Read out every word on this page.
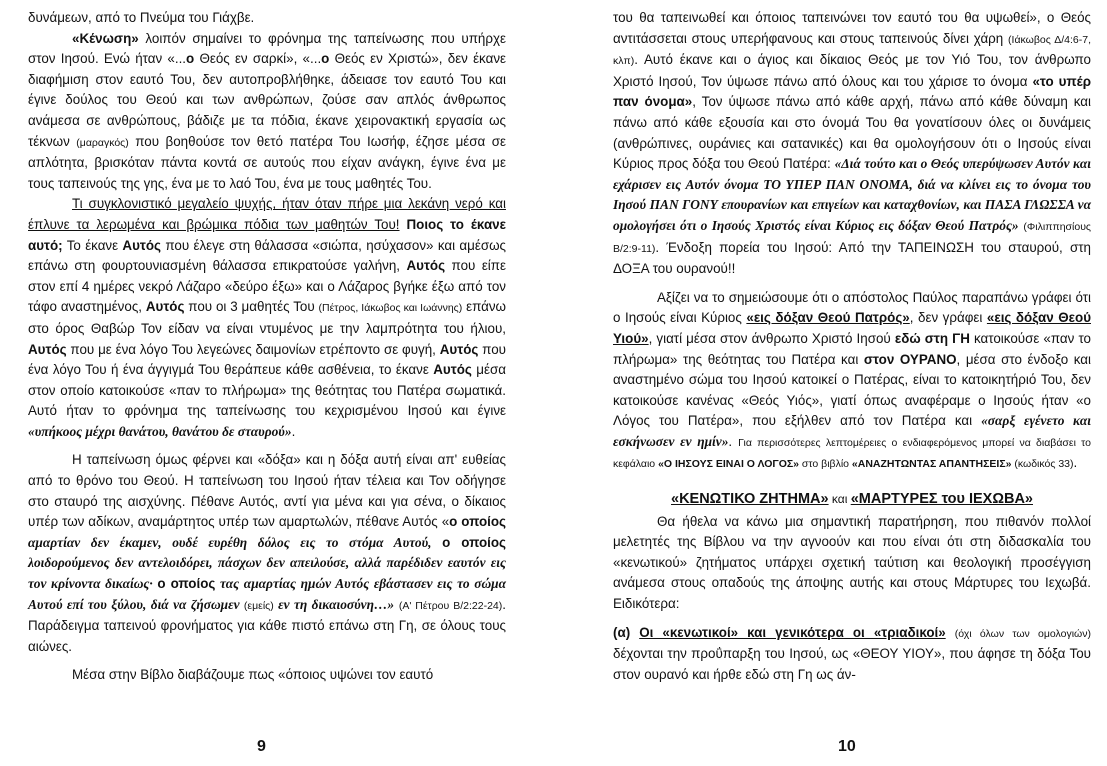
δυνάμεων, από το Πνεύμα του Γιάχβε.

«Κένωση» λοιπόν σημαίνει το φρόνημα της ταπείνωσης που υπήρχε στον Ιησού. Ενώ ήταν «...ο Θεός εν σαρκί», «...ο Θεός εν Χριστώ», δεν έκανε διαφήμιση στον εαυτό Του, δεν αυτοπροβλήθηκε, άδειασε τον εαυτό Του και έγινε δούλος του Θεού και των ανθρώπων, ζούσε σαν απλός άνθρωπος ανάμεσα σε ανθρώπους, βάδιζε με τα πόδια, έκανε χειρονακτική εργασία ως τέκνων (μαραγκός) που βοηθούσε τον θετό πατέρα Του Ιωσήφ, έζησε μέσα σε απλότητα, βρισκόταν πάντα κοντά σε αυτούς που είχαν ανάγκη, έγινε ένα με τους ταπεινούς της γης, ένα με το λαό Του, ένα με τους μαθητές Του.

Τι συγκλονιστικό μεγαλείο ψυχής, ήταν όταν πήρε μια λεκάνη νερό και έπλυνε τα λερωμένα και βρώμικα πόδια των μαθητών Του! Ποιος το έκανε αυτό; Το έκανε Αυτός που έλεγε στη θάλασσα «σιώπα, ησύχασον» και αμέσως επάνω στη φουρτουνιασμένη θάλασσα επικρατούσε γαλήνη, Αυτός που είπε στον επί 4 ημέρες νεκρό Λάζαρο «δεύρο έξω» και ο Λάζαρος βγήκε έξω από τον τάφο αναστημένος, Αυτός που οι 3 μαθητές Του (Πέτρος, Ιάκωβος και Ιωάννης) επάνω στο όρος Θαβώρ Τον είδαν να είναι ντυμένος με την λαμπρότητα του ήλιου, Αυτός που με ένα λόγο Του λεγεώνες δαιμονίων ετρέποντο σε φυγή, Αυτός που ένα λόγο Του ή ένα άγγιγμά Του θεράπευε κάθε ασθένεια, το έκανε Αυτός μέσα στον οποίο κατοικούσε «παν το πλήρωμα» της θεότητας του Πατέρα σωματικά. Αυτό ήταν το φρόνημα της ταπείνωσης του κεχρισμένου Ιησού και έγινε «υπήκοος μέχρι θανάτου, θανάτου δε σταυρού».

Η ταπείνωση όμως φέρνει και «δόξα» και η δόξα αυτή είναι απ' ευθείας από το θρόνο του Θεού. Η ταπείνωση του Ιησού ήταν τέλεια και Τον οδήγησε στο σταυρό της αισχύνης. Πέθανε Αυτός, αντί για μένα και για σένα, ο δίκαιος υπέρ των αδίκων, αναμάρτητος υπέρ των αμαρτωλών, πέθανε Αυτός «ο οποίος αμαρτίαν δεν έκαμεν, ουδέ ευρέθη δόλος εις το στόμα Αυτού, ο οποίος λοιδορούμενος δεν αντελοιδόρει, πάσχων δεν απειλούσε, αλλά παρέδιδεν εαυτόν εις τον κρίνοντα δικαίως· ο οποίος τας αμαρτίας ημών Αυτός εβάστασεν εις το σώμα Αυτού επί του ξύλου, διά να ζήσωμεν (εμείς) εν τη δικαιοσύνη…» (Α' Πέτρου Β/2:22-24). Παράδειγμα ταπεινού φρονήματος για κάθε πιστό επάνω στη Γη, σε όλους τους αιώνες.

Μέσα στην Βίβλο διαβάζουμε πως «όποιος υψώνει τον εαυτό

9

του θα ταπεινωθεί και όποιος ταπεινώνει τον εαυτό του θα υψωθεί», ο Θεός αντιτάσσεται στους υπερήφανους και στους ταπεινούς δίνει χάρη (Ιάκωβος Δ/4:6-7, κλπ). Αυτό έκανε και ο άγιος και δίκαιος Θεός με τον Υιό Του, τον άνθρωπο Χριστό Ιησού, Τον ύψωσε πάνω από όλους και του χάρισε το όνομα «το υπέρ παν όνομα», Τον ύψωσε πάνω από κάθε αρχή, πάνω από κάθε δύναμη και πάνω από κάθε εξουσία και στο όνομά Του θα γονατίσουν όλες οι δυνάμεις (ανθρώπινες, ουράνιες και σατανικές) και θα ομολογήσουν ότι ο Ιησούς είναι Κύριος προς δόξα του Θεού Πατέρα: «Διά τούτο και ο Θεός υπερύψωσεν Αυτόν και εχάρισεν εις Αυτόν όνομα ΤΟ ΥΠΕΡ ΠΑΝ ΟΝΟΜΑ, διά να κλίνει εις το όνομα του Ιησού ΠΑΝ ΓΟΝΥ επουρανίων και επιγείων και καταχθονίων, και ΠΑΣΑ ΓΛΩΣΣΑ να ομολογήσει ότι ο Ιησούς Χριστός είναι Κύριος εις δόξαν Θεού Πατρός» (Φιλιππησίους Β/2:9-11). Ένδοξη πορεία του Ιησού: Από την ΤΑΠΕΙΝΩΣΗ του σταυρού, στη ΔΟΞΑ του ουρανού!!

Αξίζει να το σημειώσουμε ότι ο απόστολος Παύλος παραπάνω γράφει ότι ο Ιησούς είναι Κύριος «εις δόξαν Θεού Πατρός», δεν γράφει «εις δόξαν Θεού Υιού», γιατί μέσα στον άνθρωπο Χριστό Ιησού εδώ στη ΓΗ κατοικούσε «παν το πλήρωμα» της θεότητας του Πατέρα και στον ΟΥΡΑΝΟ, μέσα στο ένδοξο και αναστημένο σώμα του Ιησού κατοικεί ο Πατέρας, είναι το κατοικητήριό Του, δεν κατοικούσε κανένας «Θεός Υιός», γιατί όπως αναφέραμε ο Ιησούς ήταν «ο Λόγος του Πατέρα», που εξήλθεν από τον Πατέρα και «σαρξ εγένετο και εσκήνωσεν εν ημίν». Για περισσότερες λεπτομέρειες ο ενδιαφερόμενος μπορεί να διαβάσει το κεφάλαιο «Ο ΙΗΣΟΥΣ ΕΙΝΑΙ Ο ΛΟΓΟΣ» στο βιβλίο «ΑΝΑΖΗΤΩΝΤΑΣ ΑΠΑΝΤΗΣΕΙΣ» (κωδικός 33).

«ΚΕΝΩΤΙΚΟ ΖΗΤΗΜΑ» και «ΜΑΡΤΥΡΕΣ του ΙΕΧΩΒΑ»

Θα ήθελα να κάνω μια σημαντική παρατήρηση, που πιθανόν πολλοί μελετητές της Βίβλου να την αγνοούν και που είναι ότι στη διδασκαλία του «κενωτικού» ζητήματος υπάρχει σχετική ταύτιση και θεολογική προσέγγιση ανάμεσα στους οπαδούς της άποψης αυτής και στους Μάρτυρες του Ιεχωβά. Ειδικότερα:

(α) Οι «κενωτικοί» και γενικότερα οι «τριαδικοί» (όχι όλων των ομολογιών) δέχονται την προΰπαρξη του Ιησού, ως «ΘΕΟΥ ΥΙΟΥ», που άφησε τη δόξα Του στον ουρανό και ήρθε εδώ στη Γη ως άν-

10
